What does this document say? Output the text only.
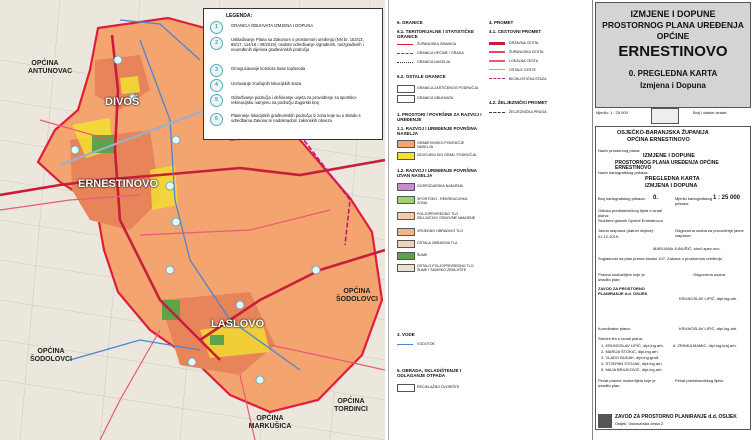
OPĆINA ANTUNOVAC
DIVOŠ
ERNESTINOVO
LASLOVO
OPĆINA ŠODOLOVCI
OPĆINA ŠODOLOVCI
OPĆINA TORDINCI
OPĆINA MARKUŠICA
LEGENDA:
1	GRANICA OBUHVATA IZMJENA I DOPUNA
2
Usklađivanje Plana sa Zakonom o prostornom uređenju (NN br. 153/13, 65/17, 114/18 i 39/2019), osobito određivanje izgrađenih, neizgrađenih i neuređenih dijelova građevinskih područja
3	Omogućavanje koridora trase toplovoda
4	Ucrtavanje značajnih lokacijskih staza
5	Određivanje područja i definiranje uvjeta za provođenje za sportsko-rekreacijsku namjenu na području Zagorski kraj
6
Planiranje lokacijskih građevinskih područja iz zona koje su u skladu s odredbama Zakona te nadoknadom zakonskih obveza
6. GRANICE
6.1. TERITORIJALNE I STATISTIČKE GRANICE
ŽUPANIJSKA GRANICA
GRANICA OPĆINE / GRADA
GRANICA NASELJA
6.2. OSTALE GRANICE
GRANICA ZAŠTIĆENOG PODRUČJA
GRANICA OBUHVATA
1. PROSTORI / POVRŠINE ZA RAZVOJ I UREĐENJE
1.1. RAZVOJ I UREĐENJE POVRŠINA NASELJA
GRAĐEVINSKO PODRUČJE NASELJA
IZDVOJENI DIO GRAĐ. PODRUČJA
1.2. RAZVOJ I UREĐENJE POVRŠINA IZVAN NASELJA
GOSPODARSKA NAMJENA
SPORTSKO - REKREACIJSKA ZONA
POLJOPRIVREDNO TLO ISKLJUČIVO OSNOVNE NAMJENE
VRIJEDNO OBRADIVO TLO
OSTALA OBRADIVA TLA
ŠUME
OSTALO POLJOPRIVREDNO TLO, ŠUME I ŠUMSKO ZEMLJIŠTE
3. VODE
VODOTOK
5. OBRADA, SKLADIŠTENJE I ODLAGANJE OTPADA
RECIKLAŽNO DVORIŠTE
4. PROMET
4.1. CESTOVNI PROMET
DRŽAVNA CESTA
ŽUPANIJSKA CESTA
LOKALNA CESTA
OSTALE CESTE
BICIKLISTIČKA STAZA
4.2. ŽELJEZNIČKI PROMET
ŽELJEZNIČKA PRUGA
IZMJENE I DOPUNE
PROSTORNOG PLANA UREĐENJA
OPĆINE
ERNESTINOVO
0. PREGLEDNA KARTA
Izmjena i Dopuna
Mjerilo: 1 : 25 000	Broj i datum izrade:
OSJEČKO-BARANJSKA ŽUPANIJA
OPĆINA ERNESTINOVO
Naziv prostornog plana:
IZMJENE I DOPUNE
PROSTORNOG PLANA UREĐENJA OPĆINE ERNESTINOVO
Naziv kartografskog prikaza:
PREGLEDNA KARTA
IZMJENA I DOPUNA
Broj kartografskog prikaza: 0.	Mjerilo kartografskog prikaza:
1 : 25 000
Odluka predstavničkog tijela o izradi plana:
Službeni glasnik Općine Ernestinovo
Javna rasprava (datum objave):
01.12.2019.
Odgovorna osoba za provođenje javne rasprave:
MARIJANA JUNUŠIĆ, struč.spec.oec.
Suglasnost na plan prema članku 107. Zakona o prostornom uređenju
Pravna osoba/tijelo koje je izradilo plan:
ZAVOD ZA PROSTORNO PLANIRANJE d.d. OSIJEK
Odgovorna osoba:
KRUNOSLAV LIPIĆ, dipl.ing.arh.
Koordinator plana:	KRUNOSLAV LIPIĆ, dipl.ing.arh.
Stručni tim u izradi plana:
1. KRUNOSLAV LIPIĆ, dipl.ing.arh.
2. MARIJA ŠTOKIĆ, dipl.ing.arh.
3. VLADO BUDAK, dipl.ing.građ.
4. STJEPAN STOJAK, dipl.ing.arh.
5. MAJA BRAJKOVIĆ, dipl.ing.arh.
6. ZRINKA MAMIĆ, dipl.ing.kraj.arh.
Pečat pravne osobe/tijela koje je izradilo plan:
Pečat predstavničkog tijela:
ZAVOD ZA PROSTORNO PLANIRANJE d.d. OSIJEK
Osijek, Vukovarska cesta 2
